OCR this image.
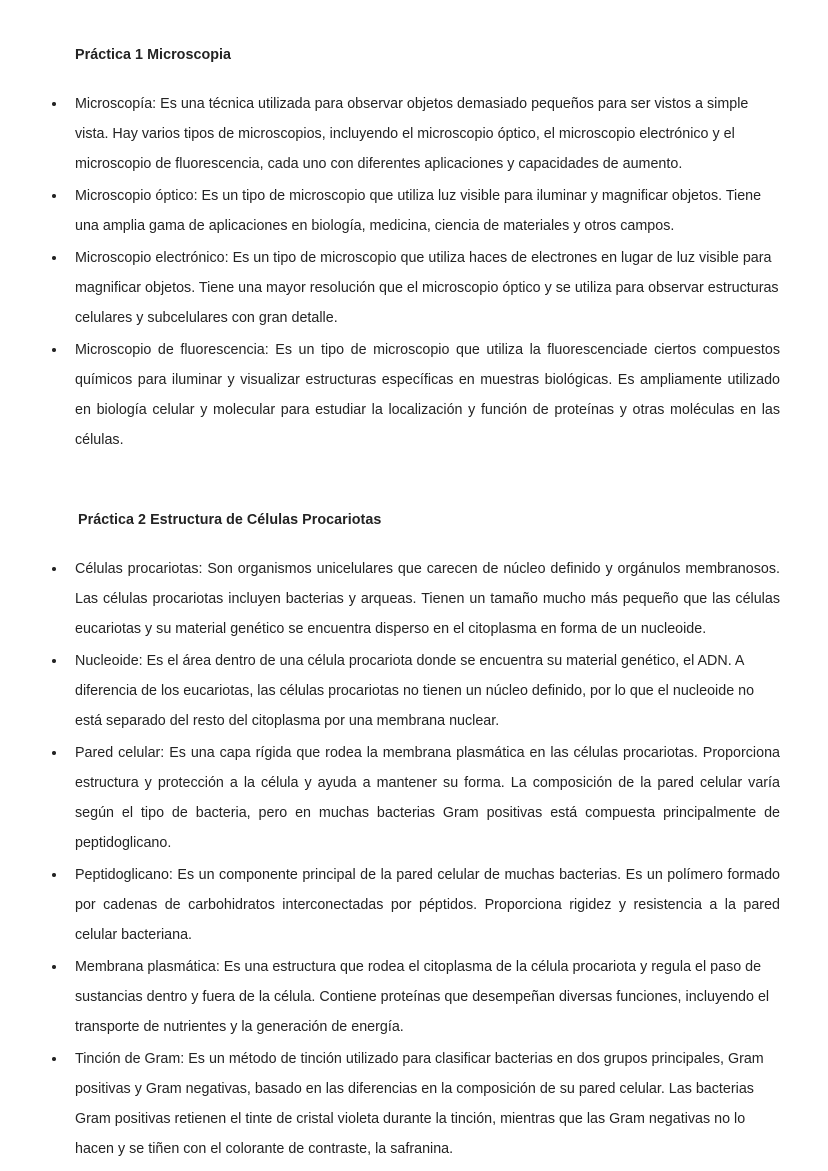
Práctica 1 Microscopia
Microscopía: Es una técnica utilizada para observar objetos demasiado pequeños para ser vistos a simple vista. Hay varios tipos de microscopios, incluyendo el microscopio óptico, el microscopio electrónico y el microscopio de fluorescencia, cada uno con diferentes aplicaciones y capacidades de aumento.
Microscopio óptico: Es un tipo de microscopio que utiliza luz visible para iluminar y magnificar objetos. Tiene una amplia gama de aplicaciones en biología, medicina, ciencia de materiales y otros campos.
Microscopio electrónico: Es un tipo de microscopio que utiliza haces de electrones en lugar de luz visible para magnificar objetos. Tiene una mayor resolución que el microscopio óptico y se utiliza para observar estructuras celulares y subcelulares con gran detalle.
Microscopio de fluorescencia: Es un tipo de microscopio que utiliza la fluorescenciade ciertos compuestos químicos para iluminar y visualizar estructuras específicas en muestras biológicas. Es ampliamente utilizado en biología celular y molecular para estudiar la localización y función de proteínas y otras moléculas en las células.
Práctica 2 Estructura de Células Procariotas
Células procariotas: Son organismos unicelulares que carecen de núcleo definido y orgánulos membranosos. Las células procariotas incluyen bacterias y arqueas. Tienen un tamaño mucho más pequeño que las células eucariotas y su material genético se encuentra disperso en el citoplasma en forma de un nucleoide.
Nucleoide: Es el área dentro de una célula procariota donde se encuentra su material genético, el ADN. A diferencia de los eucariotas, las células procariotas no tienen un núcleo definido, por lo que el nucleoide no está separado del resto del citoplasma por una membrana nuclear.
Pared celular: Es una capa rígida que rodea la membrana plasmática en las células procariotas. Proporciona estructura y protección a la célula y ayuda a mantener su forma. La composición de la pared celular varía según el tipo de bacteria, pero en muchas bacterias Gram positivas está compuesta principalmente de peptidoglicano.
Peptidoglicano: Es un componente principal de la pared celular de muchas bacterias. Es un polímero formado por cadenas de carbohidratos interconectadas por péptidos. Proporciona rigidez y resistencia a la pared celular bacteriana.
Membrana plasmática: Es una estructura que rodea el citoplasma de la célula procariota y regula el paso de sustancias dentro y fuera de la célula. Contiene proteínas que desempeñan diversas funciones, incluyendo el transporte de nutrientes y la generación de energía.
Tinción de Gram: Es un método de tinción utilizado para clasificar bacterias en dos grupos principales, Gram positivas y Gram negativas, basado en las diferencias en la composición de su pared celular. Las bacterias Gram positivas retienen el tinte de cristal violeta durante la tinción, mientras que las Gram negativas no lo hacen y se tiñen con el colorante de contraste, la safranina.
